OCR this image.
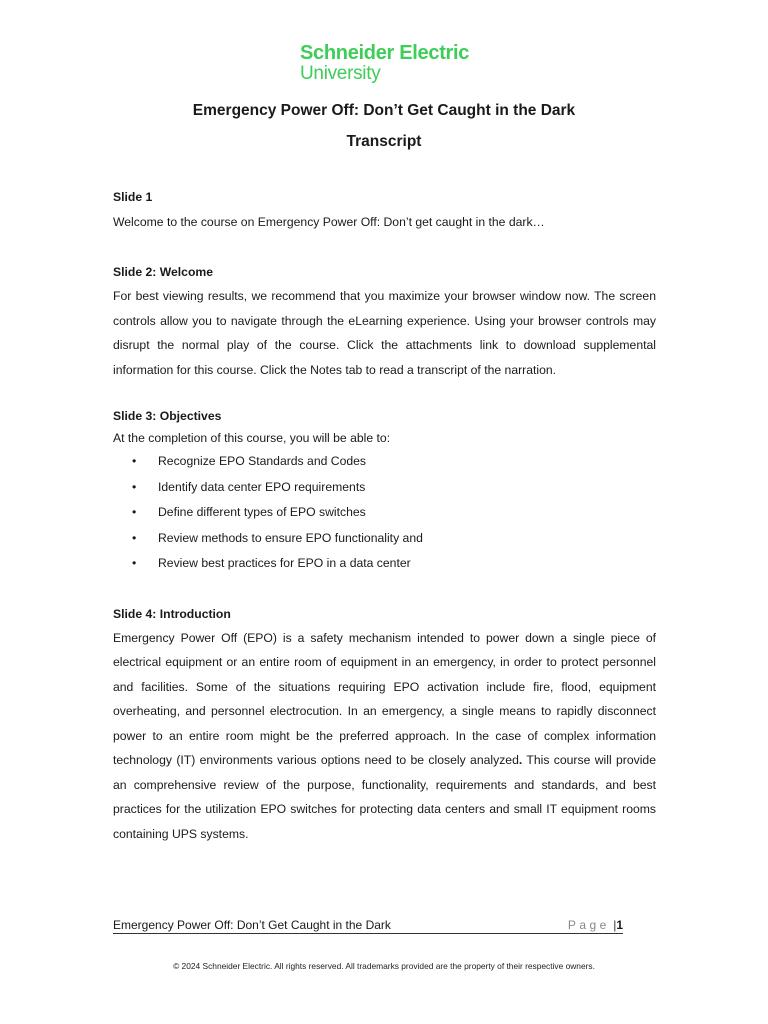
Schneider Electric
University
Emergency Power Off: Don’t Get Caught in the Dark
Transcript

Slide 1

Welcome to the course on Emergency Power Off: Don’t get caught in the dark…

Slide 2: Welcome

For best viewing results, we recommend that you maximize your browser window now. The screen controls allow you to navigate through the eLearning experience. Using your browser controls may disrupt the normal play of the course. Click the attachments link to download supplemental information for this course. Click the Notes tab to read a transcript of the narration.

Slide 3: Objectives

At the completion of this course, you will be able to:

• Recognize EPO Standards and Codes
• Identify data center EPO requirements
• Define different types of EPO switches
• Review methods to ensure EPO functionality and
• Review best practices for EPO in a data center

Slide 4: Introduction

Emergency Power Off (EPO) is a safety mechanism intended to power down a single piece of electrical equipment or an entire room of equipment in an emergency, in order to protect personnel and facilities. Some of the situations requiring EPO activation include fire, flood, equipment overheating, and personnel electrocution. In an emergency, a single means to rapidly disconnect power to an entire room might be the preferred approach. In the case of complex information technology (IT) environments various options need to be closely analyzed. This course will provide an comprehensive review of the purpose, functionality, requirements and standards, and best practices for the utilization EPO switches for protecting data centers and small IT equipment rooms containing UPS systems.

Emergency Power Off: Don’t Get Caught in the Dark	Page |1
© 2024 Schneider Electric. All rights reserved. All trademarks provided are the property of their respective owners.
